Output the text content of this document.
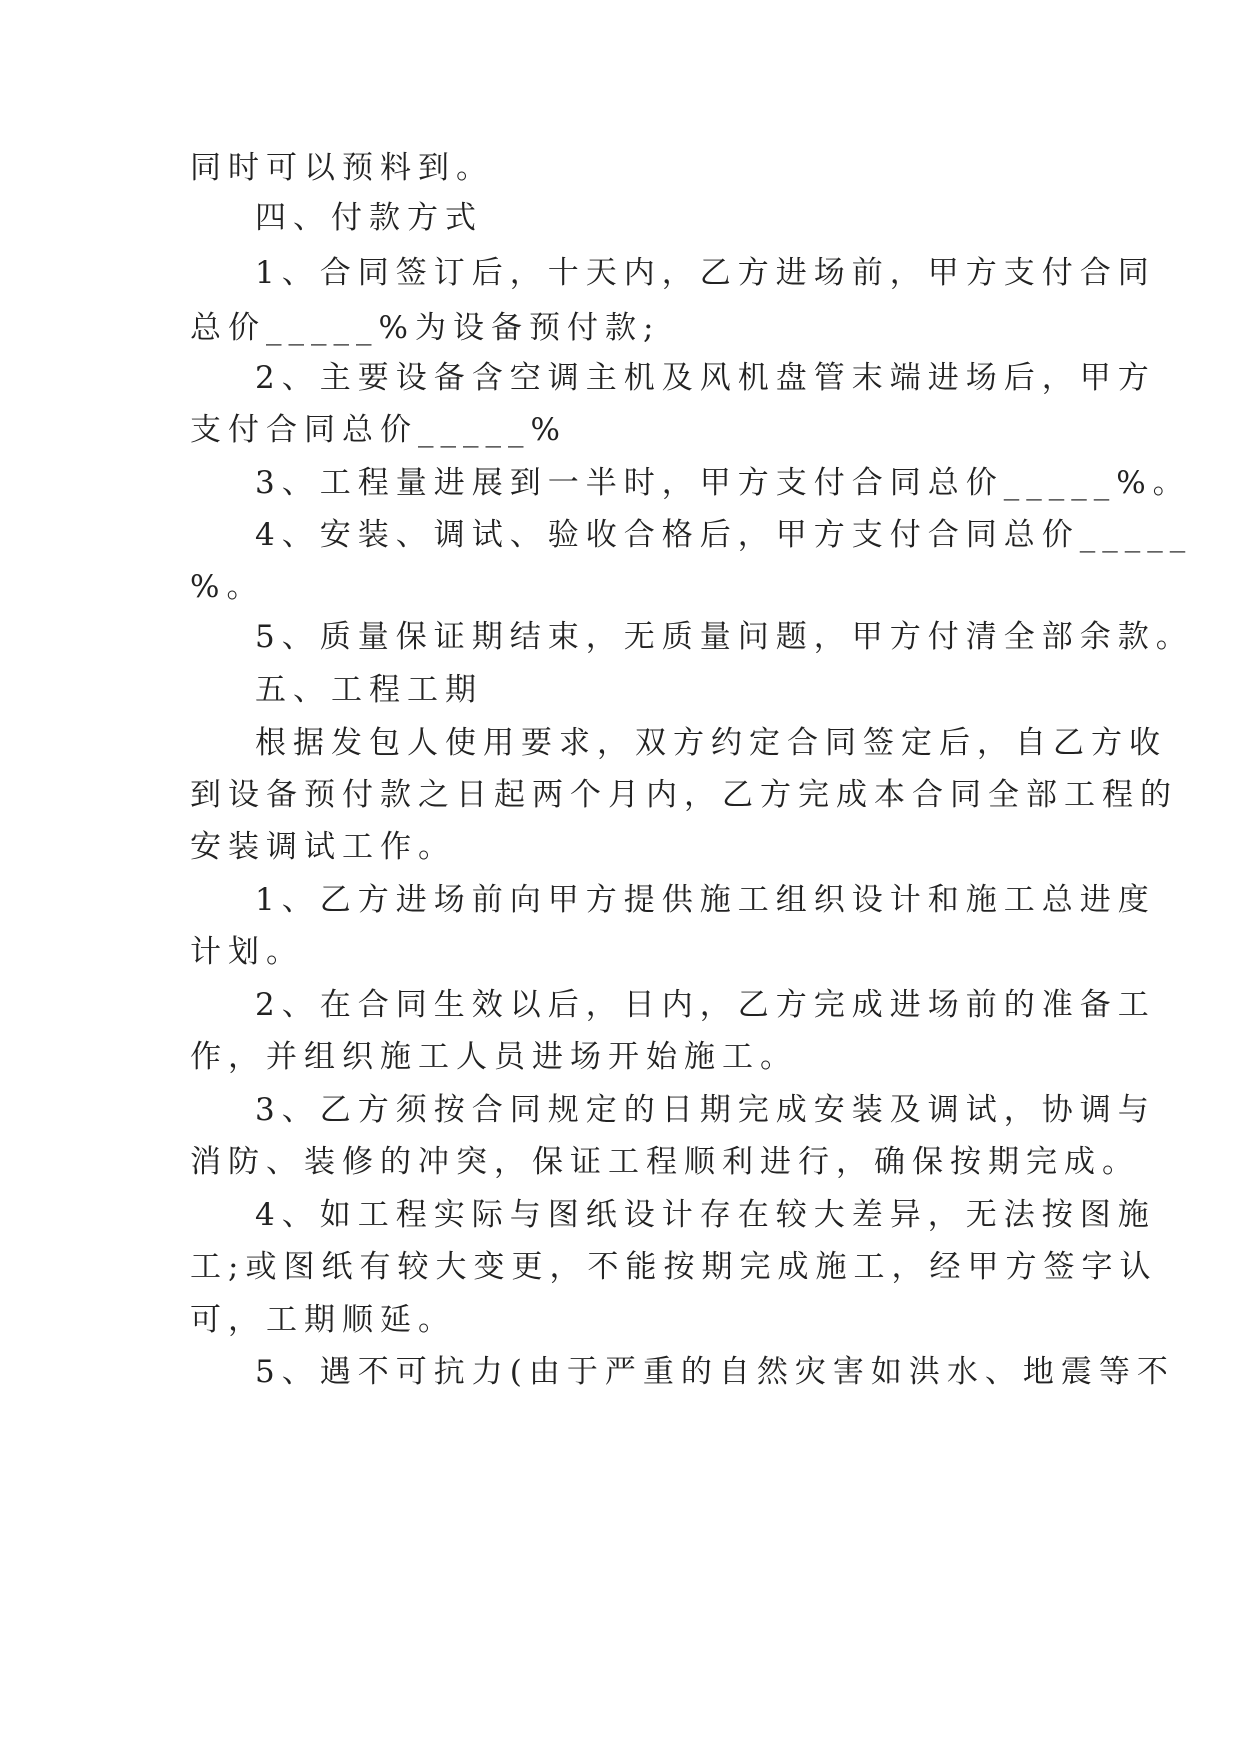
同时可以预料到。
四、付款方式
1、合同签订后，十天内，乙方进场前，甲方支付合同
总价_____%为设备预付款;
2、主要设备含空调主机及风机盘管末端进场后，甲方
支付合同总价_____%
3、工程量进展到一半时，甲方支付合同总价_____%。
4、安装、调试、验收合格后，甲方支付合同总价_____
%。
5、质量保证期结束，无质量问题，甲方付清全部余款。
五、工程工期
根据发包人使用要求，双方约定合同签定后，自乙方收
到设备预付款之日起两个月内，乙方完成本合同全部工程的
安装调试工作。
1、乙方进场前向甲方提供施工组织设计和施工总进度
计划。
2、在合同生效以后，日内，乙方完成进场前的准备工
作，并组织施工人员进场开始施工。
3、乙方须按合同规定的日期完成安装及调试，协调与
消防、装修的冲突，保证工程顺利进行，确保按期完成。
4、如工程实际与图纸设计存在较大差异，无法按图施
工;或图纸有较大变更，不能按期完成施工，经甲方签字认
可，工期顺延。
5、遇不可抗力(由于严重的自然灾害如洪水、地震等不
